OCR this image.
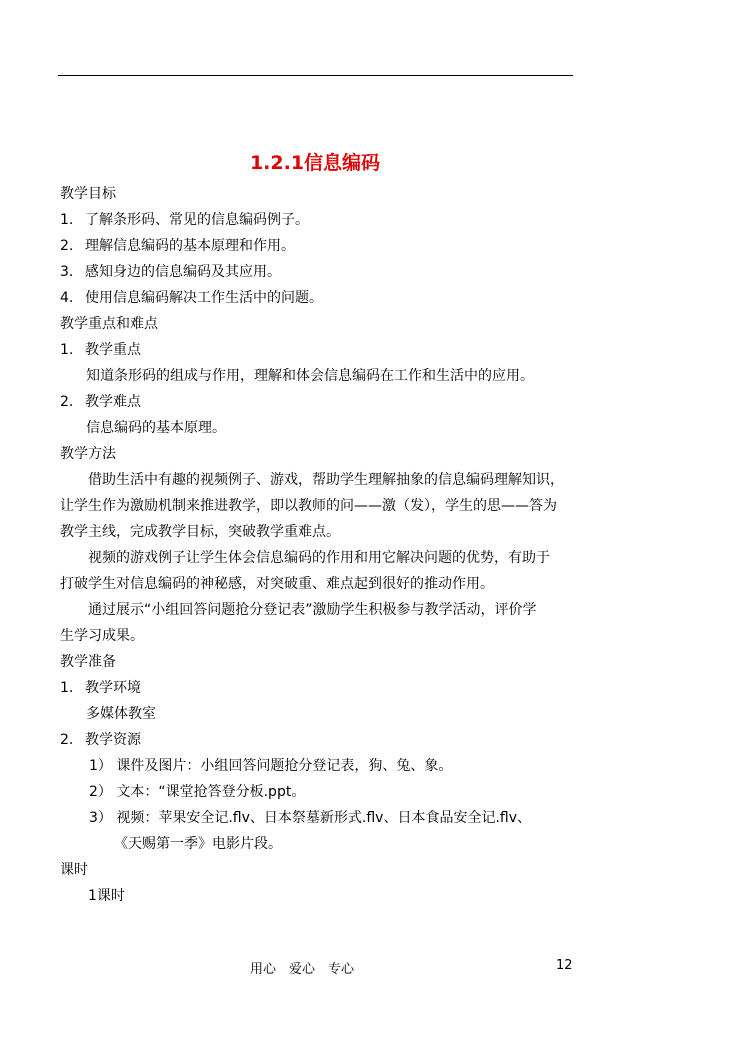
1.2.1信息编码
教学目标
1. 了解条形码、常见的信息编码例子。
2. 理解信息编码的基本原理和作用。
3. 感知身边的信息编码及其应用。
4. 使用信息编码解决工作生活中的问题。
教学重点和难点
1. 教学重点
知道条形码的组成与作用，理解和体会信息编码在工作和生活中的应用。
2. 教学难点
信息编码的基本原理。
教学方法
借助生活中有趣的视频例子、游戏，帮助学生理解抽象的信息编码理解知识，
让学生作为激励机制来推进教学，即以教师的问——激（发），学生的思——答为
教学主线，完成教学目标，突破教学重难点。
视频的游戏例子让学生体会信息编码的作用和用它解决问题的优势，有助于
打破学生对信息编码的神秘感，对突破重、难点起到很好的推动作用。
通过展示“小组回答问题抢分登记表”激励学生积极参与教学活动，评价学
生学习成果。
教学准备
1. 教学环境
多媒体教室
2. 教学资源
1） 课件及图片：小组回答问题抢分登记表，狗、兔、象。
2） 文本：“课堂抢答登分板.ppt。
3） 视频：苹果安全记.flv、日本祭墓新形式.flv、日本食品安全记.flv、
《天赐第一季》电影片段。
课时
1课时
用心　爱心　专心	12
